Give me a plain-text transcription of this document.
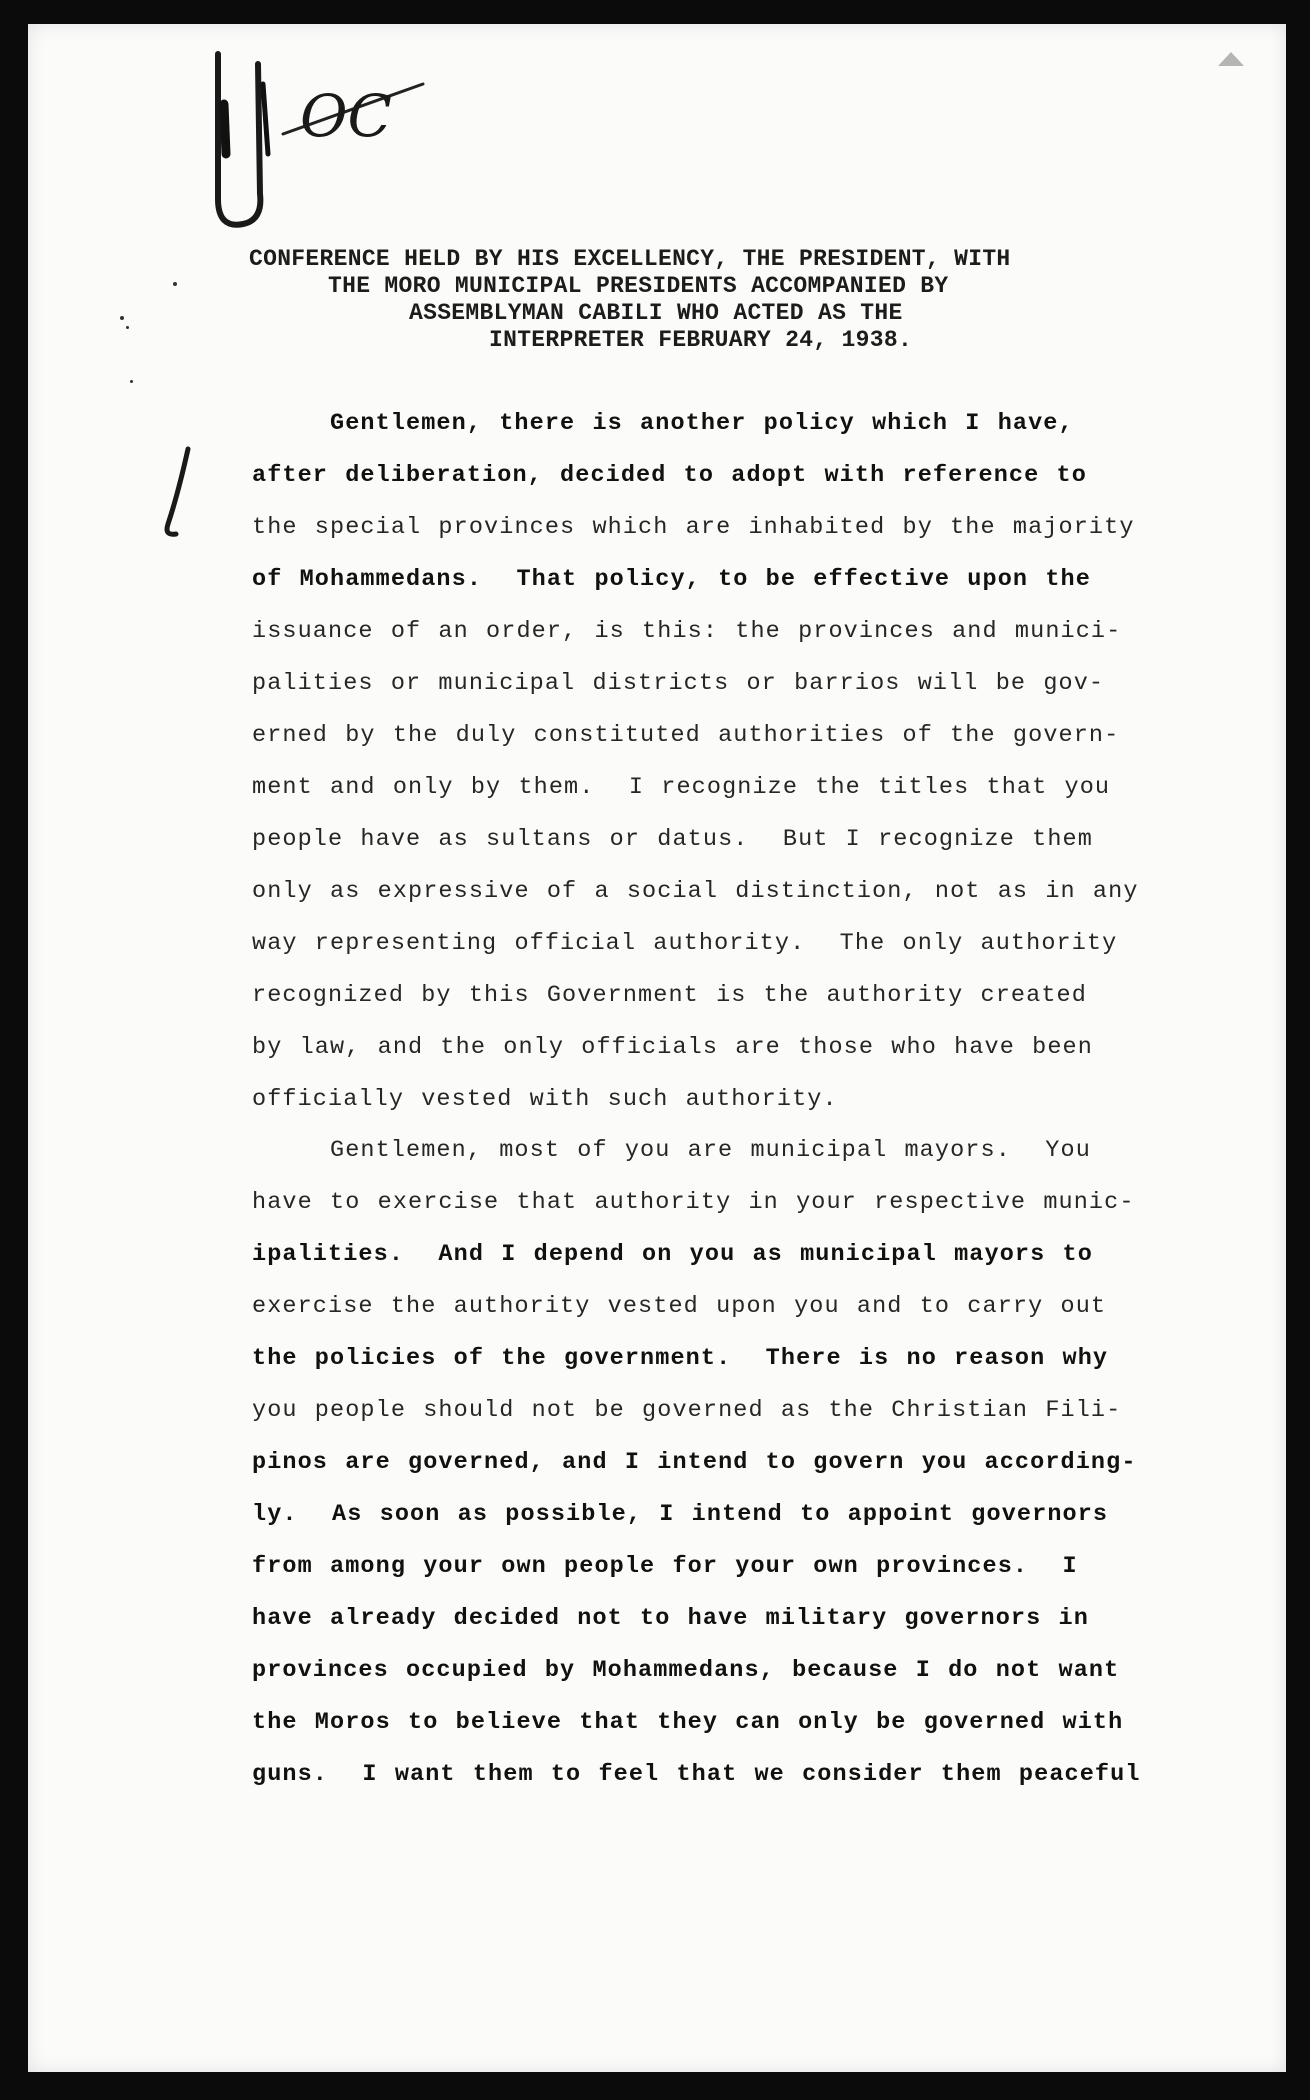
OC
CONFERENCE HELD BY HIS EXCELLENCY, THE PRESIDENT, WITH
THE MORO MUNICIPAL PRESIDENTS ACCOMPANIED BY
ASSEMBLYMAN CABILI WHO ACTED AS THE
INTERPRETER FEBRUARY 24, 1938.
Gentlemen, there is another policy which I have,
after deliberation, decided to adopt with reference to
the special provinces which are inhabited by the majority
of Mohammedans.  That policy, to be effective upon the
issuance of an order, is this: the provinces and munici-
palities or municipal districts or barrios will be gov-
erned by the duly constituted authorities of the govern-
ment and only by them.  I recognize the titles that you
people have as sultans or datus.  But I recognize them
only as expressive of a social distinction, not as in any
way representing official authority.  The only authority
recognized by this Government is the authority created
by law, and the only officials are those who have been
officially vested with such authority.
Gentlemen, most of you are municipal mayors.  You
have to exercise that authority in your respective munic-
ipalities.  And I depend on you as municipal mayors to
exercise the authority vested upon you and to carry out
the policies of the government.  There is no reason why
you people should not be governed as the Christian Fili-
pinos are governed, and I intend to govern you according-
ly.  As soon as possible, I intend to appoint governors
from among your own people for your own provinces.  I
have already decided not to have military governors in
provinces occupied by Mohammedans, because I do not want
the Moros to believe that they can only be governed with
guns.  I want them to feel that we consider them peaceful
